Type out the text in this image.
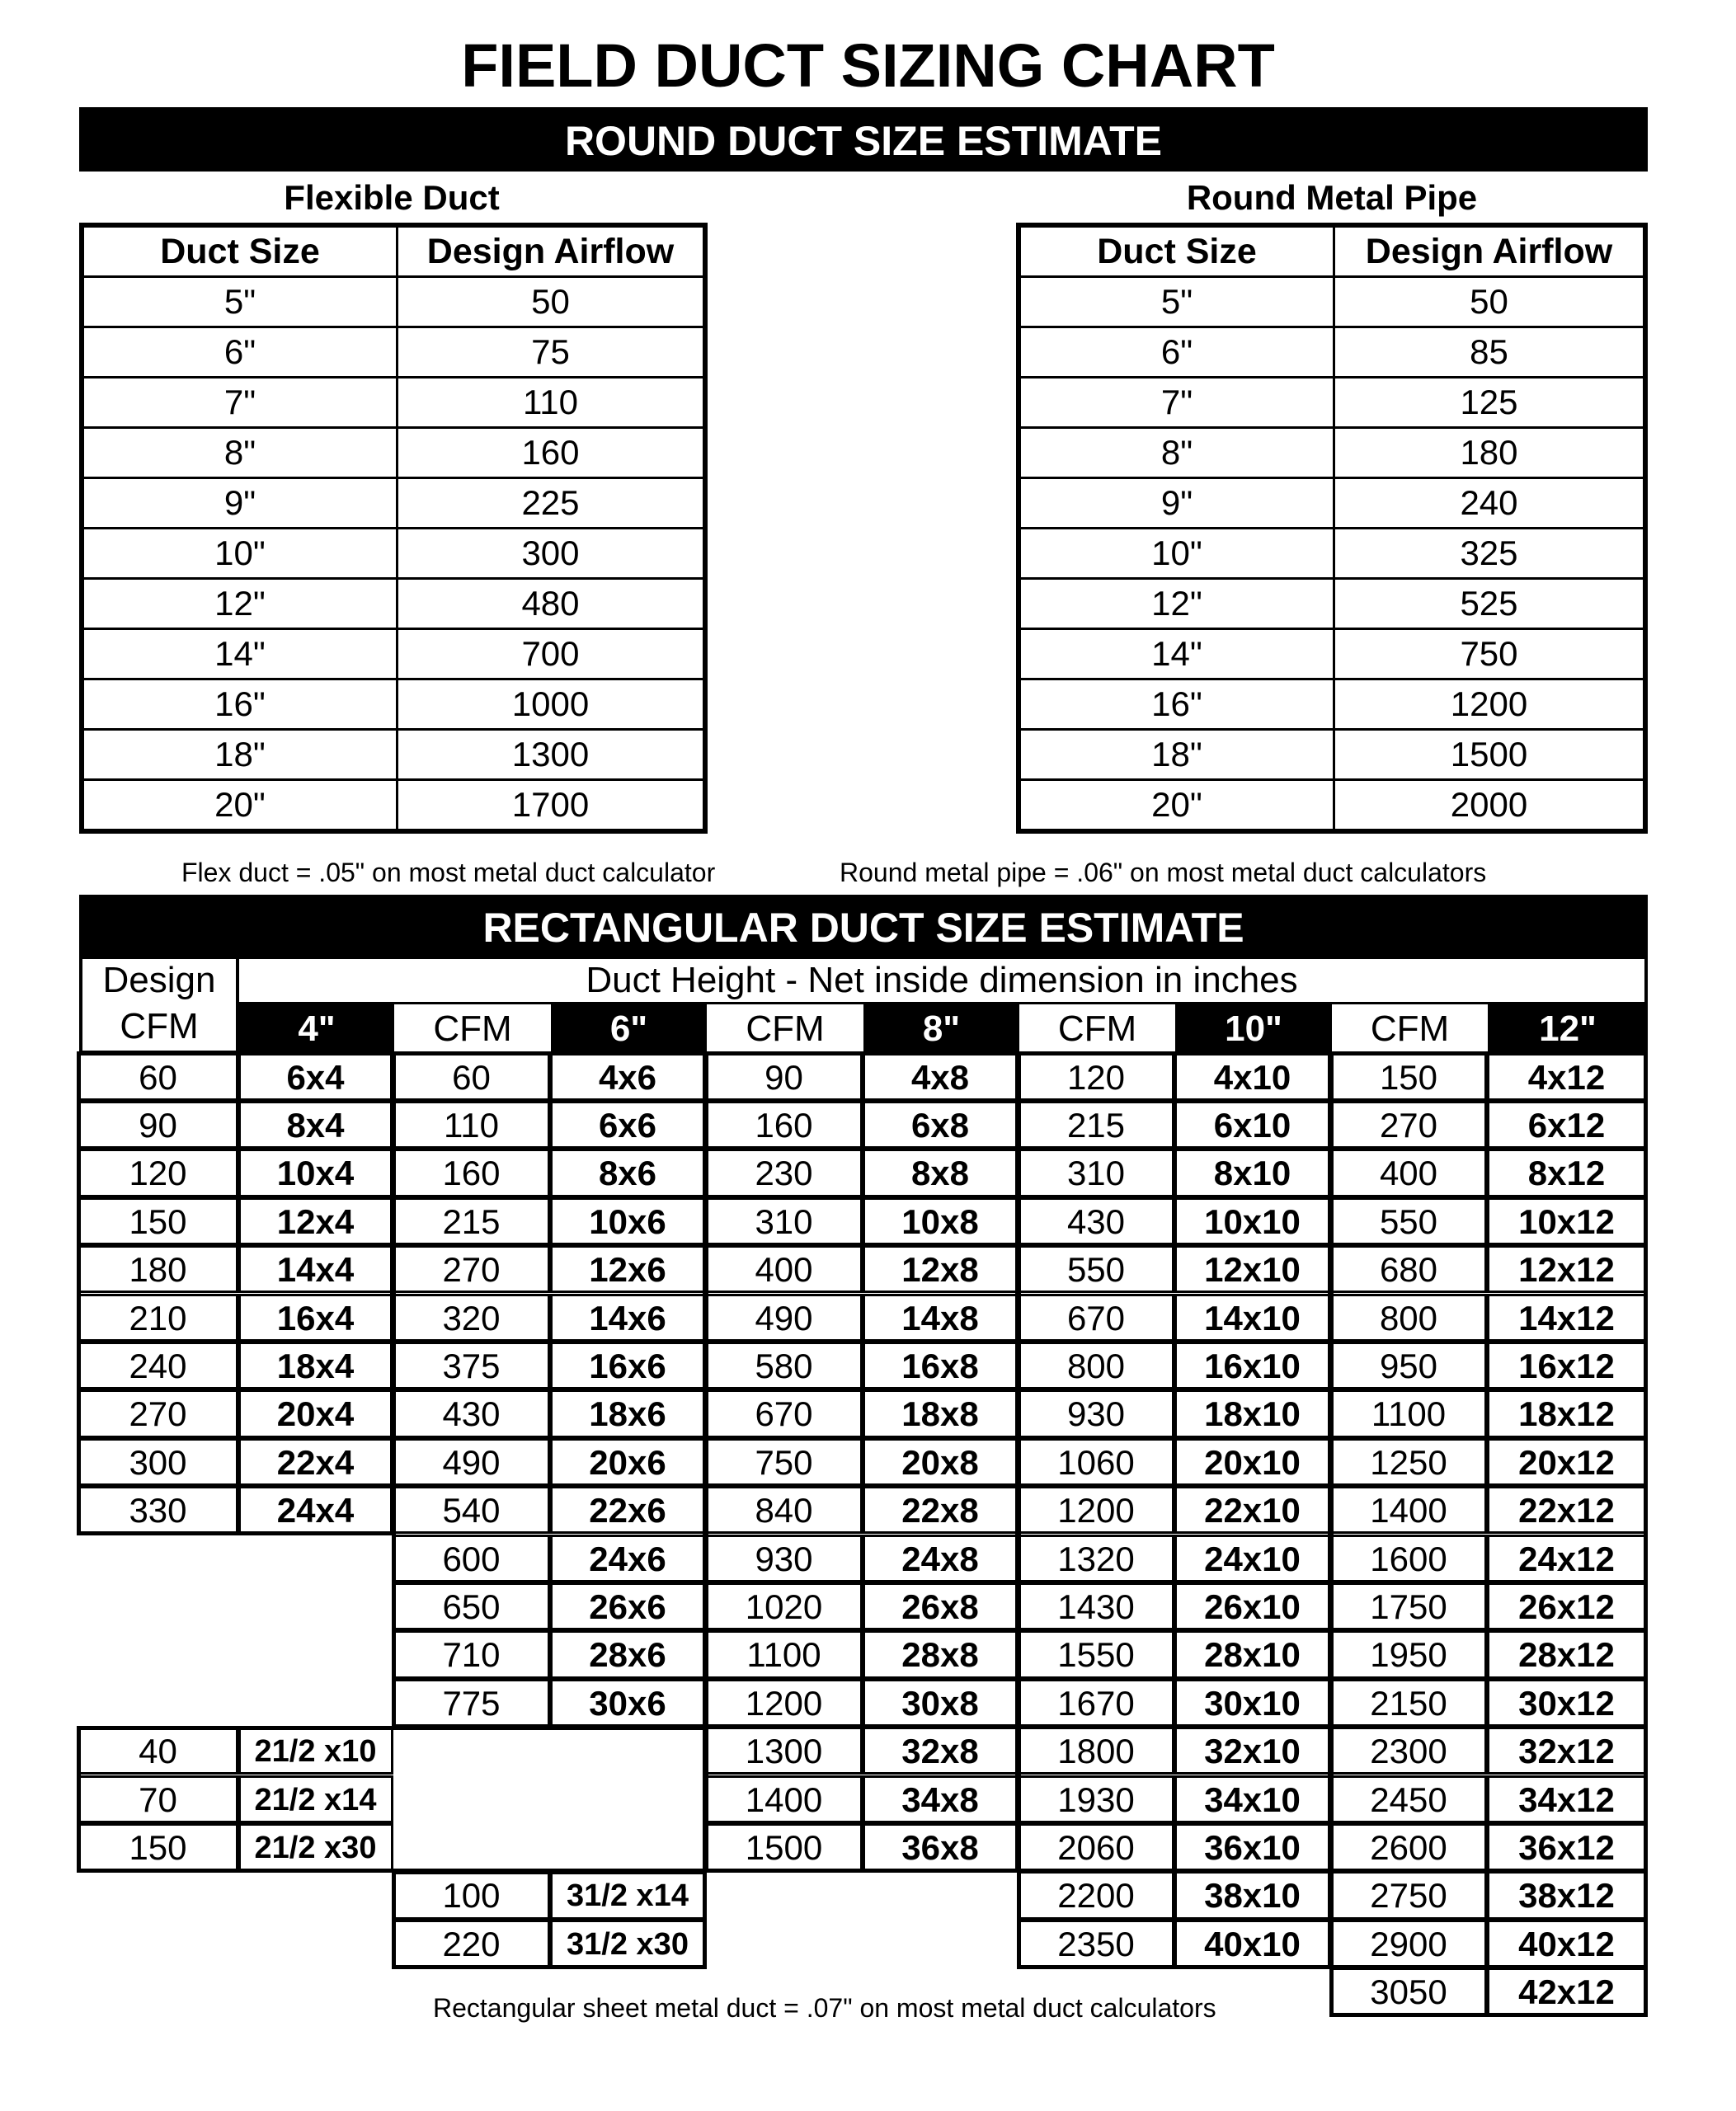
FIELD DUCT SIZING CHART
ROUND DUCT SIZE ESTIMATE
Flexible Duct
Duct Size	Design Airflow
5"	50
6"	75
7"	110
8"	160
9"	225
10"	300
12"	480
14"	700
16"	1000
18"	1300
20"	1700
Round Metal Pipe
Duct Size	Design Airflow
5"	50
6"	85
7"	125
8"	180
9"	240
10"	325
12"	525
14"	750
16"	1200
18"	1500
20"	2000
Flex duct = .05" on most metal duct calculator	Round metal pipe = .06" on most metal duct calculators
RECTANGULAR DUCT SIZE ESTIMATE
Design
CFM
Duct Height - Net inside dimension in inches
4"	CFM	6"	CFM	8"	CFM	10"	CFM	12"
60	6x4
90	8x4
120	10x4
150	12x4
180	14x4
210	16x4
240	18x4
270	20x4
300	22x4
330	24x4
60	4x6
110	6x6
160	8x6
215	10x6
270	12x6
320	14x6
375	16x6
430	18x6
490	20x6
540	22x6
600	24x6
650	26x6
710	28x6
775	30x6
90	4x8
160	6x8
230	8x8
310	10x8
400	12x8
490	14x8
580	16x8
670	18x8
750	20x8
840	22x8
930	24x8
1020	26x8
1100	28x8
1200	30x8
1300	32x8
1400	34x8
1500	36x8
120	4x10
215	6x10
310	8x10
430	10x10
550	12x10
670	14x10
800	16x10
930	18x10
1060	20x10
1200	22x10
1320	24x10
1430	26x10
1550	28x10
1670	30x10
1800	32x10
1930	34x10
2060	36x10
2200	38x10
2350	40x10
150	4x12
270	6x12
400	8x12
550	10x12
680	12x12
800	14x12
950	16x12
1100	18x12
1250	20x12
1400	22x12
1600	24x12
1750	26x12
1950	28x12
2150	30x12
2300	32x12
2450	34x12
2600	36x12
2750	38x12
2900	40x12
3050	42x12
40	21/2 x10
70	21/2 x14
150	21/2 x30
100	31/2 x14
220	31/2 x30
Rectangular sheet metal duct = .07" on most metal duct calculators
